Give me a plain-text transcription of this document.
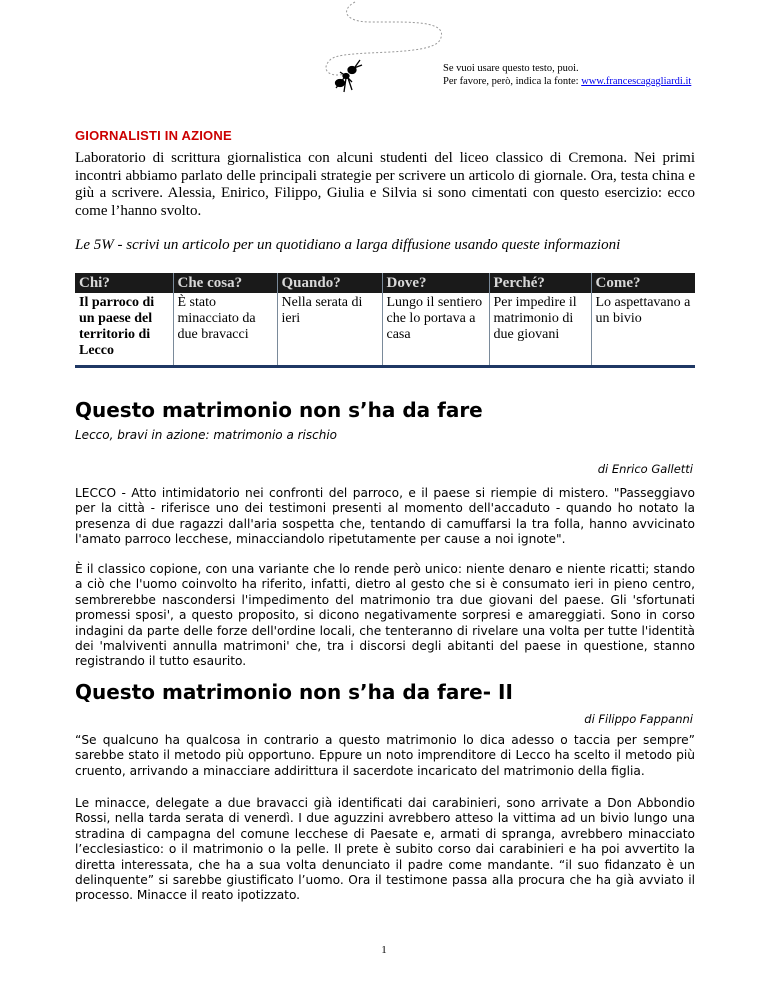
Se vuoi usare questo testo, puoi.
Per favore, però, indica la fonte: www.francescagagliardi.it
GIORNALISTI IN AZIONE

Laboratorio di scrittura giornalistica con alcuni studenti del liceo classico di Cremona. Nei primi incontri abbiamo parlato delle principali strategie per scrivere un articolo di giornale. Ora, testa china e giù a scrivere. Alessia, Enirico, Filippo, Giulia e Silvia si sono cimentati con questo esercizio: ecco come l’hanno svolto.

Le 5W - scrivi un articolo per un quotidiano a larga diffusione usando queste informazioni

Chi?	Che cosa?	Quando?	Dove?	Perché?	Come?
Il parroco di un paese del territorio di Lecco	È stato minacciato da due bravacci	Nella serata di ieri	Lungo il sentiero che lo portava a casa	Per impedire il matrimonio di due giovani	Lo aspettavano a un bivio
Questo matrimonio non s’ha da fare

Lecco, bravi in azione: matrimonio a rischio

di Enrico Galletti

LECCO - Atto intimidatorio nei confronti del parroco, e il paese si riempie di mistero. "Passeggiavo per la città - riferisce uno dei testimoni presenti al momento dell'accaduto - quando ho notato la presenza di due ragazzi dall'aria sospetta che, tentando di camuffarsi la tra folla, hanno avvicinato l'amato parroco lecchese, minacciandolo ripetutamente per cause a noi ignote".

È il classico copione, con una variante che lo rende però unico: niente denaro e niente ricatti; stando a ciò che l'uomo coinvolto ha riferito, infatti, dietro al gesto che si è consumato ieri in pieno centro, sembrerebbe nascondersi l'impedimento del matrimonio tra due giovani del paese. Gli 'sfortunati promessi sposi', a questo proposito, si dicono negativamente sorpresi e amareggiati. Sono in corso indagini da parte delle forze dell'ordine locali, che tenteranno di rivelare una volta per tutte l'identità dei 'malviventi annulla matrimoni' che, tra i discorsi degli abitanti del paese in questione, stanno registrando il tutto esaurito.

Questo matrimonio non s’ha da fare- II

di Filippo Fappanni

“Se qualcuno ha qualcosa in contrario a questo matrimonio lo dica adesso o taccia per sempre” sarebbe stato il metodo più opportuno. Eppure un noto imprenditore di Lecco ha scelto il metodo più cruento, arrivando a minacciare addirittura il sacerdote incaricato del matrimonio della figlia.

Le minacce, delegate a due bravacci già identificati dai carabinieri, sono arrivate a Don Abbondio Rossi, nella tarda serata di venerdì. I due aguzzini avrebbero atteso la vittima ad un bivio lungo una stradina di campagna del comune lecchese di Paesate e, armati di spranga, avrebbero minacciato l’ecclesiastico: o il matrimonio o la pelle. Il prete è subito corso dai carabinieri e ha poi avvertito la diretta interessata, che ha a sua volta denunciato il padre come mandante. “il suo fidanzato è un delinquente” si sarebbe giustificato l’uomo. Ora il testimone passa alla procura che ha già avviato il processo. Minacce il reato ipotizzato.

1
